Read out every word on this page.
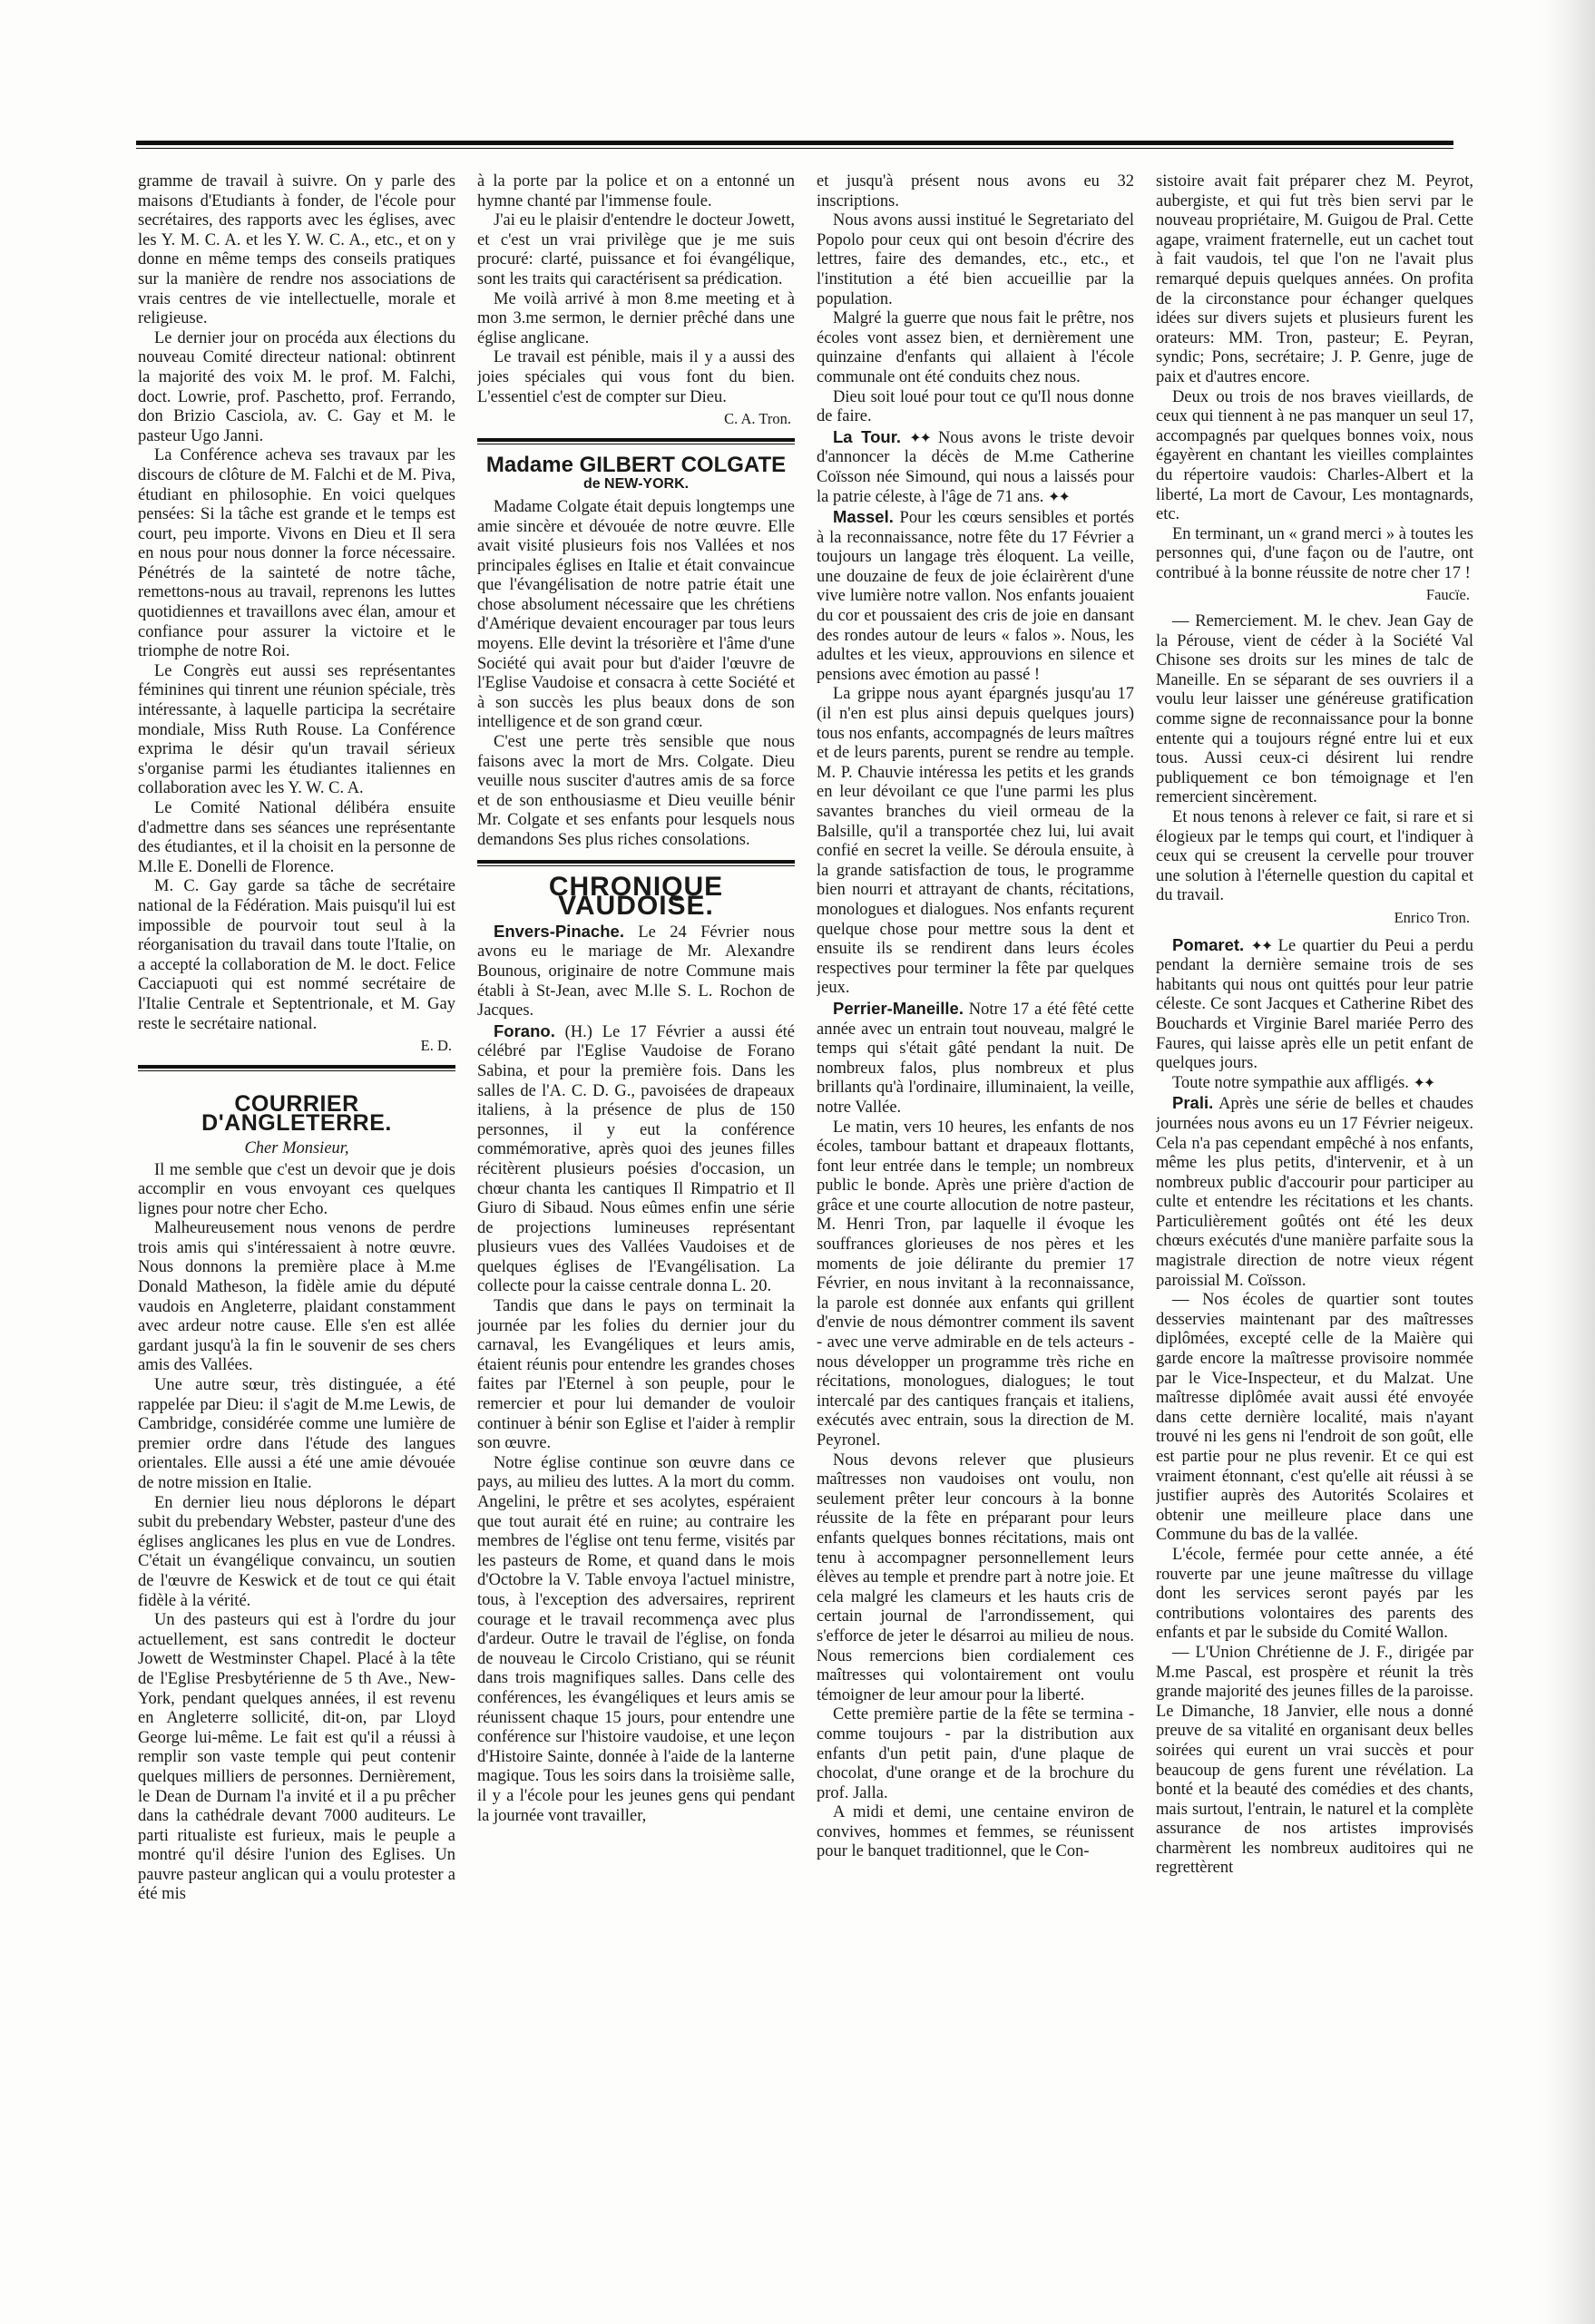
gramme de travail à suivre. On y parle des maisons d'Etudiants à fonder, de l'école pour secrétaires, des rapports avec les églises, avec les Y. M. C. A. et les Y. W. C. A., etc., et on y donne en même temps des conseils pratiques sur la manière de rendre nos associations de vrais centres de vie intellectuelle, morale et religieuse.

Le dernier jour on procéda aux élections du nouveau Comité directeur national: obtinrent la majorité des voix M. le prof. M. Falchi, doct. Lowrie, prof. Paschetto, prof. Ferrando, don Brizio Casciola, av. C. Gay et M. le pasteur Ugo Janni.

La Conférence acheva ses travaux par les discours de clôture de M. Falchi et de M. Piva, étudiant en philosophie. En voici quelques pensées: Si la tâche est grande et le temps est court, peu importe. Vivons en Dieu et Il sera en nous pour nous donner la force nécessaire. Pénétrés de la sainteté de notre tâche, remettons-nous au travail, reprenons les luttes quotidiennes et travaillons avec élan, amour et confiance pour assurer la victoire et le triomphe de notre Roi.

Le Congrès eut aussi ses représentantes féminines qui tinrent une réunion spéciale, très intéressante, à laquelle participa la secrétaire mondiale, Miss Ruth Rouse. La Conférence exprima le désir qu'un travail sérieux s'organise parmi les étudiantes italiennes en collaboration avec les Y. W. C. A.

Le Comité National délibéra ensuite d'admettre dans ses séances une représentante des étudiantes, et il la choisit en la personne de M.lle E. Donelli de Florence.

M. C. Gay garde sa tâche de secrétaire national de la Fédération. Mais puisqu'il lui est impossible de pourvoir tout seul à la réorganisation du travail dans toute l'Italie, on a accepté la collaboration de M. le doct. Felice Cacciapuoti qui est nommé secrétaire de l'Italie Centrale et Septentrionale, et M. Gay reste le secrétaire national.

E. D.
COURRIER D'ANGLETERRE.
Cher Monsieur,

Il me semble que c'est un devoir que je dois accomplir en vous envoyant ces quelques lignes pour notre cher Echo.

Malheureusement nous venons de perdre trois amis qui s'intéressaient à notre œuvre. Nous donnons la première place à M.me Donald Matheson, la fidèle amie du député vaudois en Angleterre, plaidant constamment avec ardeur notre cause. Elle s'en est allée gardant jusqu'à la fin le souvenir de ses chers amis des Vallées.

Une autre sœur, très distinguée, a été rappelée par Dieu: il s'agit de M.me Lewis, de Cambridge, considérée comme une lumière de premier ordre dans l'étude des langues orientales. Elle aussi a été une amie dévouée de notre mission en Italie.

En dernier lieu nous déplorons le départ subit du prebendary Webster, pasteur d'une des églises anglicanes les plus en vue de Londres. C'était un évangélique convaincu, un soutien de l'œuvre de Keswick et de tout ce qui était fidèle à la vérité.

Un des pasteurs qui est à l'ordre du jour actuellement, est sans contredit le docteur Jowett de Westminster Chapel. Placé à la tête de l'Eglise Presbytérienne de 5 th Ave., New-York, pendant quelques années, il est revenu en Angleterre sollicité, dit-on, par Lloyd George lui-même. Le fait est qu'il a réussi à remplir son vaste temple qui peut contenir quelques milliers de personnes. Dernièrement, le Dean de Durnam l'a invité et il a pu prêcher dans la cathédrale devant 7000 auditeurs. Le parti ritualiste est furieux, mais le peuple a montré qu'il désire l'union des Eglises. Un pauvre pasteur anglican qui a voulu protester a été mis

à la porte par la police et on a entonné un hymne chanté par l'immense foule.

J'ai eu le plaisir d'entendre le docteur Jowett, et c'est un vrai privilège que je me suis procuré: clarté, puissance et foi évangélique, sont les traits qui caractérisent sa prédication.

Me voilà arrivé à mon 8.me meeting et à mon 3.me sermon, le dernier prêché dans une église anglicane.

Le travail est pénible, mais il y a aussi des joies spéciales qui vous font du bien. L'essentiel c'est de compter sur Dieu.

C. A. Tron.
Madame GILBERT COLGATE
de NEW-YORK.

Madame Colgate était depuis longtemps une amie sincère et dévouée de notre œuvre. Elle avait visité plusieurs fois nos Vallées et nos principales églises en Italie et était convaincue que l'évangélisation de notre patrie était une chose absolument nécessaire que les chrétiens d'Amérique devaient encourager par tous leurs moyens. Elle devint la trésorière et l'âme d'une Société qui avait pour but d'aider l'œuvre de l'Eglise Vaudoise et consacra à cette Société et à son succès les plus beaux dons de son intelligence et de son grand cœur.

C'est une perte très sensible que nous faisons avec la mort de Mrs. Colgate. Dieu veuille nous susciter d'autres amis de sa force et de son enthousiasme et Dieu veuille bénir Mr. Colgate et ses enfants pour lesquels nous demandons Ses plus riches consolations.

CHRONIQUE VAUDOISE.

Envers-Pinache. Le 24 Février nous avons eu le mariage de Mr. Alexandre Bounous, originaire de notre Commune mais établi à St-Jean, avec M.lle S. L. Rochon de Jacques.

Forano. (H.) Le 17 Février a aussi été célébré par l'Eglise Vaudoise de Forano Sabina, et pour la première fois. Dans les salles de l'A. C. D. G., pavoisées de drapeaux italiens, à la présence de plus de 150 personnes, il y eut la conférence commémorative, après quoi des jeunes filles récitèrent plusieurs poésies d'occasion, un chœur chanta les cantiques Il Rimpatrio et Il Giuro di Sibaud. Nous eûmes enfin une série de projections lumineuses représentant plusieurs vues des Vallées Vaudoises et de quelques églises de l'Evangélisation. La collecte pour la caisse centrale donna L. 20.

Tandis que dans le pays on terminait la journée par les folies du dernier jour du carnaval, les Evangéliques et leurs amis, étaient réunis pour entendre les grandes choses faites par l'Eternel à son peuple, pour le remercier et pour lui demander de vouloir continuer à bénir son Eglise et l'aider à remplir son œuvre.

Notre église continue son œuvre dans ce pays, au milieu des luttes. A la mort du comm. Angelini, le prêtre et ses acolytes, espéraient que tout aurait été en ruine; au contraire les membres de l'église ont tenu ferme, visités par les pasteurs de Rome, et quand dans le mois d'Octobre la V. Table envoya l'actuel ministre, tous, à l'exception des adversaires, reprirent courage et le travail recommença avec plus d'ardeur. Outre le travail de l'église, on fonda de nouveau le Circolo Cristiano, qui se réunit dans trois magnifiques salles. Dans celle des conférences, les évangéliques et leurs amis se réunissent chaque 15 jours, pour entendre une conférence sur l'histoire vaudoise, et une leçon d'Histoire Sainte, donnée à l'aide de la lanterne magique. Tous les soirs dans la troisième salle, il y a l'école pour les jeunes gens qui pendant la journée vont travailler,

et jusqu'à présent nous avons eu 32 inscriptions.

Nous avons aussi institué le Segretariato del Popolo pour ceux qui ont besoin d'écrire des lettres, faire des demandes, etc., etc., et l'institution a été bien accueillie par la population.

Malgré la guerre que nous fait le prêtre, nos écoles vont assez bien, et dernièrement une quinzaine d'enfants qui allaient à l'école communale ont été conduits chez nous.

Dieu soit loué pour tout ce qu'Il nous donne de faire.

La Tour. ✦✦ Nous avons le triste devoir d'annoncer la décès de M.me Catherine Coïsson née Simound, qui nous a laissés pour la patrie céleste, à l'âge de 71 ans. ✦✦

Massel. Pour les cœurs sensibles et portés à la reconnaissance, notre fête du 17 Février a toujours un langage très éloquent. La veille, une douzaine de feux de joie éclairèrent d'une vive lumière notre vallon. Nos enfants jouaient du cor et poussaient des cris de joie en dansant des rondes autour de leurs « falos ». Nous, les adultes et les vieux, approuvions en silence et pensions avec émotion au passé !

La grippe nous ayant épargnés jusqu'au 17 (il n'en est plus ainsi depuis quelques jours) tous nos enfants, accompagnés de leurs maîtres et de leurs parents, purent se rendre au temple. M. P. Chauvie intéressa les petits et les grands en leur dévoilant ce que l'une parmi les plus savantes branches du vieil ormeau de la Balsille, qu'il a transportée chez lui, lui avait confié en secret la veille. Se déroula ensuite, à la grande satisfaction de tous, le programme bien nourri et attrayant de chants, récitations, monologues et dialogues. Nos enfants reçurent quelque chose pour mettre sous la dent et ensuite ils se rendirent dans leurs écoles respectives pour terminer la fête par quelques jeux.

Perrier-Maneille. Notre 17 a été fêté cette année avec un entrain tout nouveau, malgré le temps qui s'était gâté pendant la nuit. De nombreux falos, plus nombreux et plus brillants qu'à l'ordinaire, illuminaient, la veille, notre Vallée.

Le matin, vers 10 heures, les enfants de nos écoles, tambour battant et drapeaux flottants, font leur entrée dans le temple; un nombreux public le bonde. Après une prière d'action de grâce et une courte allocution de notre pasteur, M. Henri Tron, par laquelle il évoque les souffrances glorieuses de nos pères et les moments de joie délirante du premier 17 Février, en nous invitant à la reconnaissance, la parole est donnée aux enfants qui grillent d'envie de nous démontrer comment ils savent - avec une verve admirable en de tels acteurs - nous développer un programme très riche en récitations, monologues, dialogues; le tout intercalé par des cantiques français et italiens, exécutés avec entrain, sous la direction de M. Peyronel.

Nous devons relever que plusieurs maîtresses non vaudoises ont voulu, non seulement prêter leur concours à la bonne réussite de la fête en préparant pour leurs enfants quelques bonnes récitations, mais ont tenu à accompagner personnellement leurs élèves au temple et prendre part à notre joie. Et cela malgré les clameurs et les hauts cris de certain journal de l'arrondissement, qui s'efforce de jeter le désarroi au milieu de nous. Nous remercions bien cordialement ces maîtresses qui volontairement ont voulu témoigner de leur amour pour la liberté.

Cette première partie de la fête se termina - comme toujours - par la distribution aux enfants d'un petit pain, d'une plaque de chocolat, d'une orange et de la brochure du prof. Jalla.

A midi et demi, une centaine environ de convives, hommes et femmes, se réunissent pour le banquet traditionnel, que le Con-

sistoire avait fait préparer chez M. Peyrot, aubergiste, et qui fut très bien servi par le nouveau propriétaire, M. Guigou de Pral. Cette agape, vraiment fraternelle, eut un cachet tout à fait vaudois, tel que l'on ne l'avait plus remarqué depuis quelques années. On profita de la circonstance pour échanger quelques idées sur divers sujets et plusieurs furent les orateurs: MM. Tron, pasteur; E. Peyran, syndic; Pons, secrétaire; J. P. Genre, juge de paix et d'autres encore.

Deux ou trois de nos braves vieillards, de ceux qui tiennent à ne pas manquer un seul 17, accompagnés par quelques bonnes voix, nous égayèrent en chantant les vieilles complaintes du répertoire vaudois: Charles-Albert et la liberté, La mort de Cavour, Les montagnards, etc.

En terminant, un « grand merci » à toutes les personnes qui, d'une façon ou de l'autre, ont contribué à la bonne réussite de notre cher 17 !

Faucïe.

— Remerciement. M. le chev. Jean Gay de la Pérouse, vient de céder à la Société Val Chisone ses droits sur les mines de talc de Maneille. En se séparant de ses ouvriers il a voulu leur laisser une généreuse gratification comme signe de reconnaissance pour la bonne entente qui a toujours régné entre lui et eux tous. Aussi ceux-ci désirent lui rendre publiquement ce bon témoignage et l'en remercient sincèrement.

Et nous tenons à relever ce fait, si rare et si élogieux par le temps qui court, et l'indiquer à ceux qui se creusent la cervelle pour trouver une solution à l'éternelle question du capital et du travail.

Enrico Tron.

Pomaret. ✦✦ Le quartier du Peui a perdu pendant la dernière semaine trois de ses habitants qui nous ont quittés pour leur patrie céleste. Ce sont Jacques et Catherine Ribet des Bouchards et Virginie Barel mariée Perro des Faures, qui laisse après elle un petit enfant de quelques jours.

Toute notre sympathie aux affligés. ✦✦

Prali. Après une série de belles et chaudes journées nous avons eu un 17 Février neigeux. Cela n'a pas cependant empêché à nos enfants, même les plus petits, d'intervenir, et à un nombreux public d'accourir pour participer au culte et entendre les récitations et les chants. Particulièrement goûtés ont été les deux chœurs exécutés d'une manière parfaite sous la magistrale direction de notre vieux régent paroissial M. Coïsson.

— Nos écoles de quartier sont toutes desservies maintenant par des maîtresses diplômées, excepté celle de la Maière qui garde encore la maîtresse provisoire nommée par le Vice-Inspecteur, et du Malzat. Une maîtresse diplômée avait aussi été envoyée dans cette dernière localité, mais n'ayant trouvé ni les gens ni l'endroit de son goût, elle est partie pour ne plus revenir. Et ce qui est vraiment étonnant, c'est qu'elle ait réussi à se justifier auprès des Autorités Scolaires et obtenir une meilleure place dans une Commune du bas de la vallée.

L'école, fermée pour cette année, a été rouverte par une jeune maîtresse du village dont les services seront payés par les contributions volontaires des parents des enfants et par le subside du Comité Wallon.

— L'Union Chrétienne de J. F., dirigée par M.me Pascal, est prospère et réunit la très grande majorité des jeunes filles de la paroisse. Le Dimanche, 18 Janvier, elle nous a donné preuve de sa vitalité en organisant deux belles soirées qui eurent un vrai succès et pour beaucoup de gens furent une révélation. La bonté et la beauté des comédies et des chants, mais surtout, l'entrain, le naturel et la complète assurance de nos artistes improvisés charmèrent les nombreux auditoires qui ne regrettèrent
